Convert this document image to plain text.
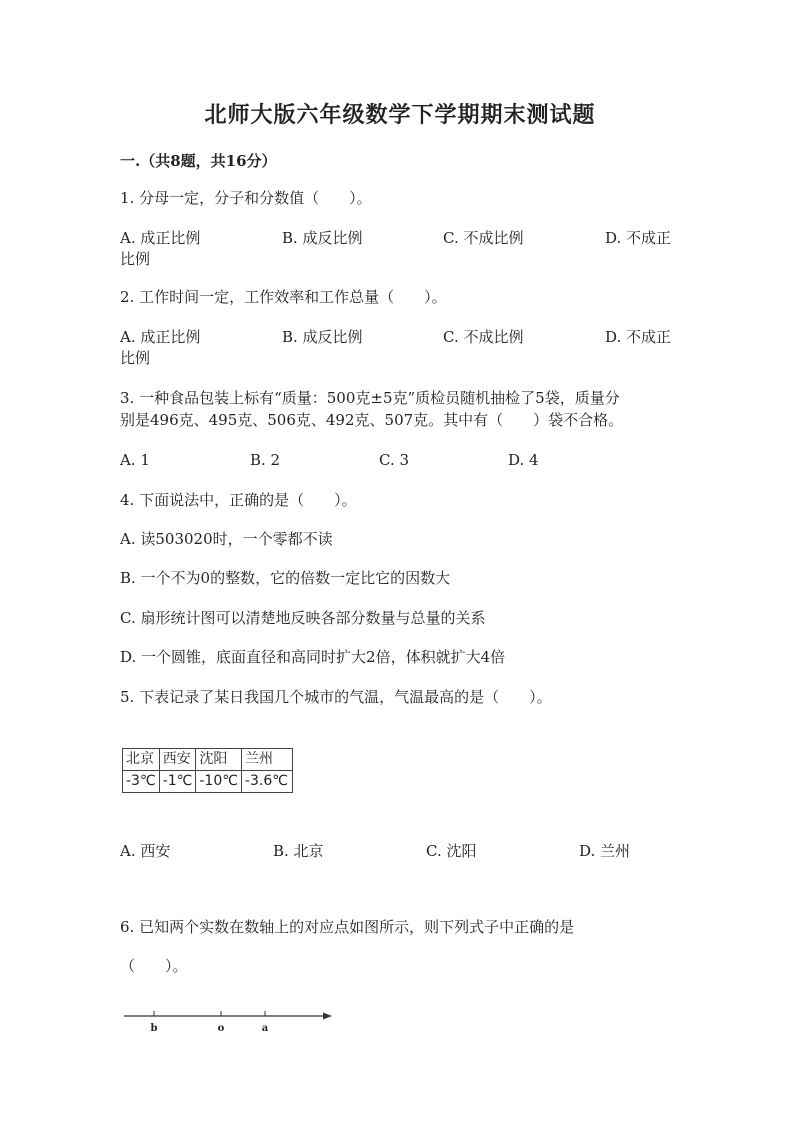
北师大版六年级数学下学期期末测试题
一.（共8题，共16分）
1. 分母一定，分子和分数值（　　）。
A. 成正比例	B. 成反比例	C. 不成比例	D. 不成正
比例
2. 工作时间一定，工作效率和工作总量（　　）。
A. 成正比例	B. 成反比例	C. 不成比例	D. 不成正
比例
3. 一种食品包装上标有“质量：500克±5克”质检员随机抽检了5袋，质量分
别是496克、495克、506克、492克、507克。其中有（　　）袋不合格。
A. 1	B. 2	C. 3	D. 4
4. 下面说法中，正确的是（　　）。
A. 读503020时，一个零都不读
B. 一个不为0的整数，它的倍数一定比它的因数大
C. 扇形统计图可以清楚地反映各部分数量与总量的关系
D. 一个圆锥，底面直径和高同时扩大2倍，体积就扩大4倍
5. 下表记录了某日我国几个城市的气温，气温最高的是（　　）。
北京	西安	沈阳	兰州
-3℃	-1℃	-10℃	-3.6℃
A. 西安	B. 北京	C. 沈阳	D. 兰州
6. 已知两个实数在数轴上的对应点如图所示，则下列式子中正确的是
（　　）。
b	o	a
